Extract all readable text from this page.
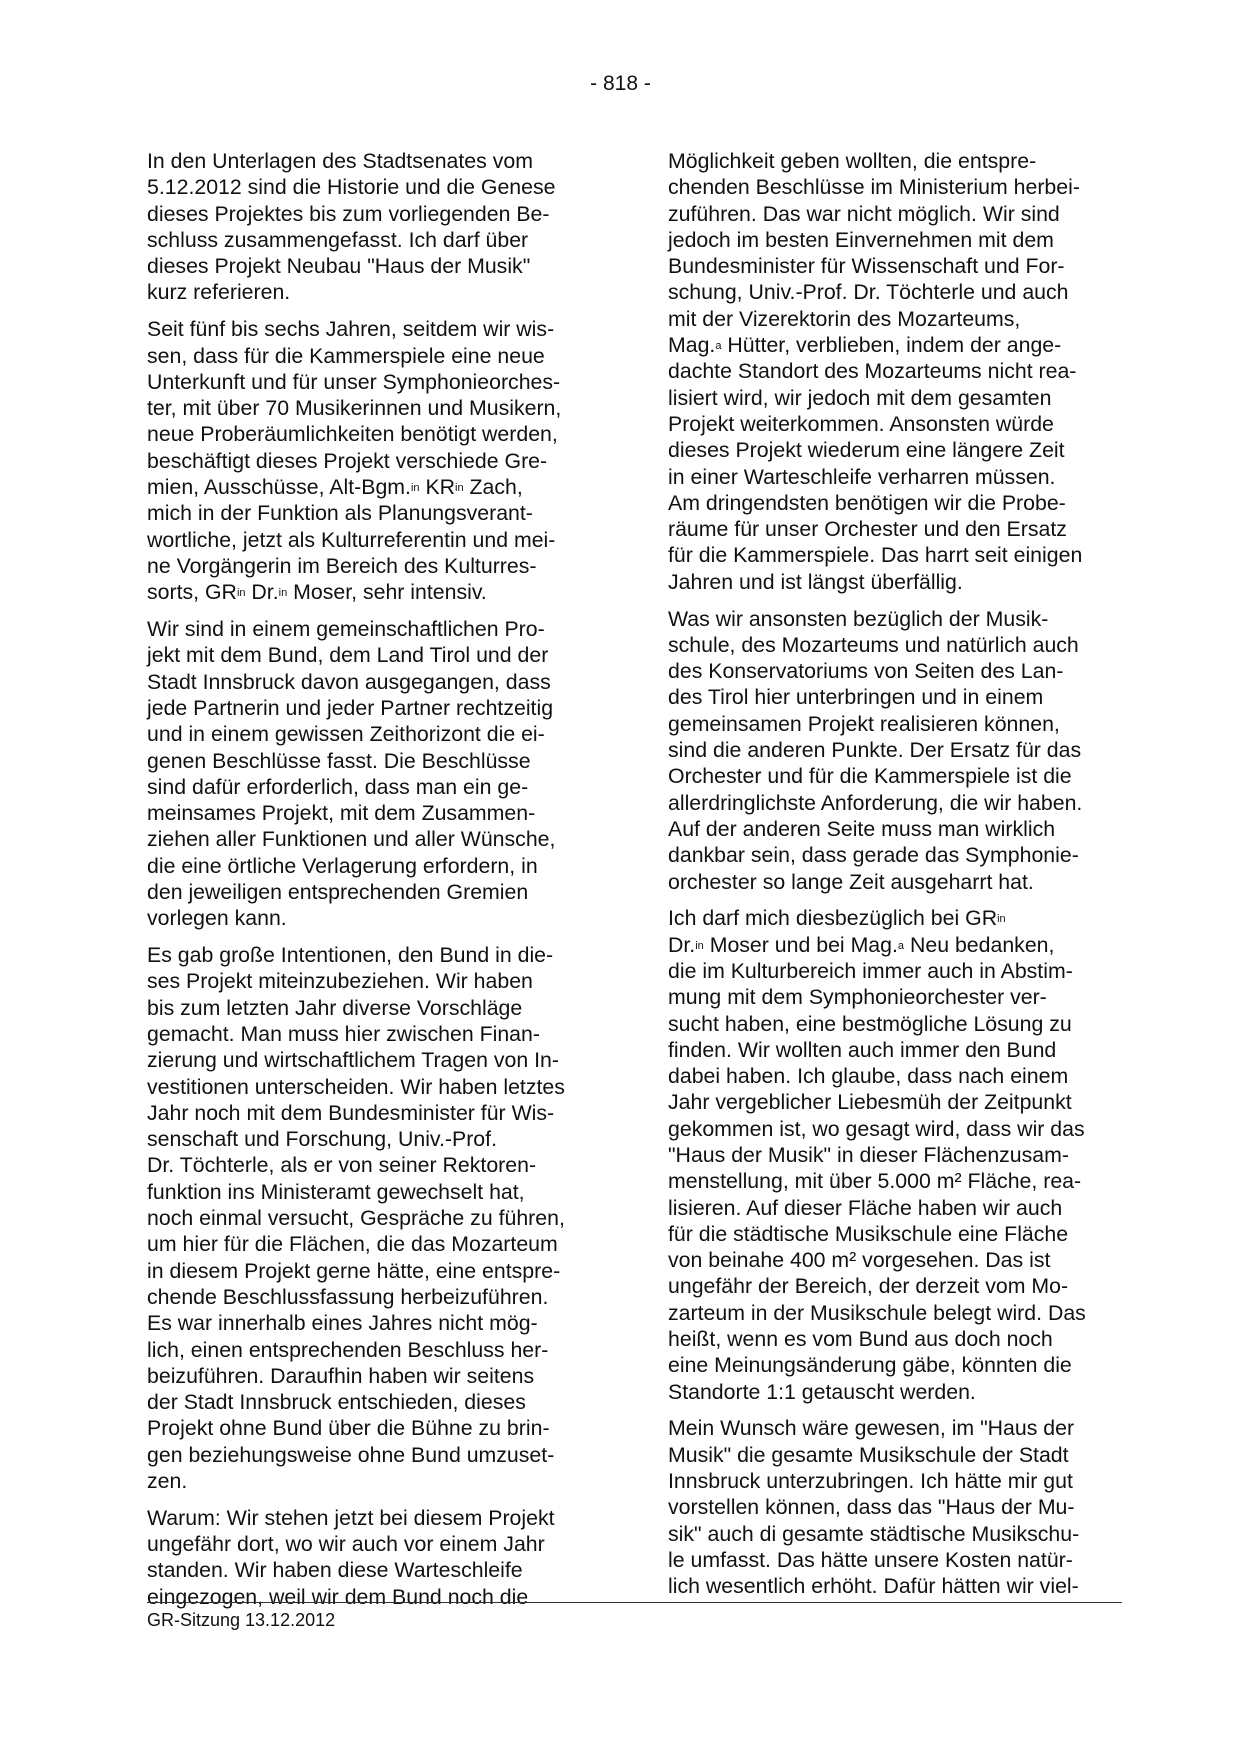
- 818 -
In den Unterlagen des Stadtsenates vom
5.12.2012 sind die Historie und die Genese
dieses Projektes bis zum vorliegenden Be-
schluss zusammengefasst. Ich darf über
dieses Projekt Neubau "Haus der Musik"
kurz referieren.
Seit fünf bis sechs Jahren, seitdem wir wis-
sen, dass für die Kammerspiele eine neue
Unterkunft und für unser Symphonieorches-
ter, mit über 70 Musikerinnen und Musikern,
neue Proberäumlichkeiten benötigt werden,
beschäftigt dieses Projekt verschiede Gre-
mien, Ausschüsse, Alt-Bgm.$^{in}$ $KR^{in}$ Zach,
mich in der Funktion als Planungsverant-
wortliche, jetzt als Kulturreferentin und mei-
ne Vorgängerin im Bereich des Kulturres-
sorts, $GR^{in}$ Dr.$^{in}$ Moser, sehr intensiv.
Wir sind in einem gemeinschaftlichen Pro-
jekt mit dem Bund, dem Land Tirol und der
Stadt Innsbruck davon ausgegangen, dass
jede Partnerin und jeder Partner rechtzeitig
und in einem gewissen Zeithorizont die ei-
genen Beschlüsse fasst. Die Beschlüsse
sind dafür erforderlich, dass man ein ge-
meinsames Projekt, mit dem Zusammen-
ziehen aller Funktionen und aller Wünsche,
die eine örtliche Verlagerung erfordern, in
den jeweiligen entsprechenden Gremien
vorlegen kann.
Es gab große Intentionen, den Bund in die-
ses Projekt miteinzubeziehen. Wir haben
bis zum letzten Jahr diverse Vorschläge
gemacht. Man muss hier zwischen Finan-
zierung und wirtschaftlichem Tragen von In-
vestitionen unterscheiden. Wir haben letztes
Jahr noch mit dem Bundesminister für Wis-
senschaft und Forschung, Univ.-Prof.
Dr. Töchterle, als er von seiner Rektoren-
funktion ins Ministeramt gewechselt hat,
noch einmal versucht, Gespräche zu führen,
um hier für die Flächen, die das Mozarteum
in diesem Projekt gerne hätte, eine entspre-
chende Beschlussfassung herbeizuführen.
Es war innerhalb eines Jahres nicht mög-
lich, einen entsprechenden Beschluss her-
beizuführen. Daraufhin haben wir seitens
der Stadt Innsbruck entschieden, dieses
Projekt ohne Bund über die Bühne zu brin-
gen beziehungsweise ohne Bund umzuset-
zen.
Warum: Wir stehen jetzt bei diesem Projekt
ungefähr dort, wo wir auch vor einem Jahr
standen. Wir haben diese Warteschleife
eingezogen, weil wir dem Bund noch die
Möglichkeit geben wollten, die entspre-
chenden Beschlüsse im Ministerium herbei-
zuführen. Das war nicht möglich. Wir sind
jedoch im besten Einvernehmen mit dem
Bundesminister für Wissenschaft und For-
schung, Univ.-Prof. Dr. Töchterle und auch
mit der Vizerektorin des Mozarteums,
Mag.$^a$ Hütter, verblieben, indem der ange-
dachte Standort des Mozarteums nicht rea-
lisiert wird, wir jedoch mit dem gesamten
Projekt weiterkommen. Ansonsten würde
dieses Projekt wiederum eine längere Zeit
in einer Warteschleife verharren müssen.
Am dringendsten benötigen wir die Probe-
räume für unser Orchester und den Ersatz
für die Kammerspiele. Das harrt seit einigen
Jahren und ist längst überfällig.
Was wir ansonsten bezüglich der Musik-
schule, des Mozarteums und natürlich auch
des Konservatoriums von Seiten des Lan-
des Tirol hier unterbringen und in einem
gemeinsamen Projekt realisieren können,
sind die anderen Punkte. Der Ersatz für das
Orchester und für die Kammerspiele ist die
allerdringlichste Anforderung, die wir haben.
Auf der anderen Seite muss man wirklich
dankbar sein, dass gerade das Symphonie-
orchester so lange Zeit ausgeharrt hat.
Ich darf mich diesbezüglich bei $GR^{in}$
Dr.$^{in}$ Moser und bei Mag.$^a$ Neu bedanken,
die im Kulturbereich immer auch in Abstim-
mung mit dem Symphonieorchester ver-
sucht haben, eine bestmögliche Lösung zu
finden. Wir wollten auch immer den Bund
dabei haben. Ich glaube, dass nach einem
Jahr vergeblicher Liebesmüh der Zeitpunkt
gekommen ist, wo gesagt wird, dass wir das
"Haus der Musik" in dieser Flächenzusam-
menstellung, mit über 5.000 m² Fläche, rea-
lisieren. Auf dieser Fläche haben wir auch
für die städtische Musikschule eine Fläche
von beinahe 400 m² vorgesehen. Das ist
ungefähr der Bereich, der derzeit vom Mo-
zarteum in der Musikschule belegt wird. Das
heißt, wenn es vom Bund aus doch noch
eine Meinungsänderung gäbe, könnten die
Standorte 1:1 getauscht werden.
Mein Wunsch wäre gewesen, im "Haus der
Musik" die gesamte Musikschule der Stadt
Innsbruck unterzubringen. Ich hätte mir gut
vorstellen können, dass das "Haus der Mu-
sik" auch di gesamte städtische Musikschu-
le umfasst. Das hätte unsere Kosten natür-
lich wesentlich erhöht. Dafür hätten wir viel-
GR-Sitzung 13.12.2012
